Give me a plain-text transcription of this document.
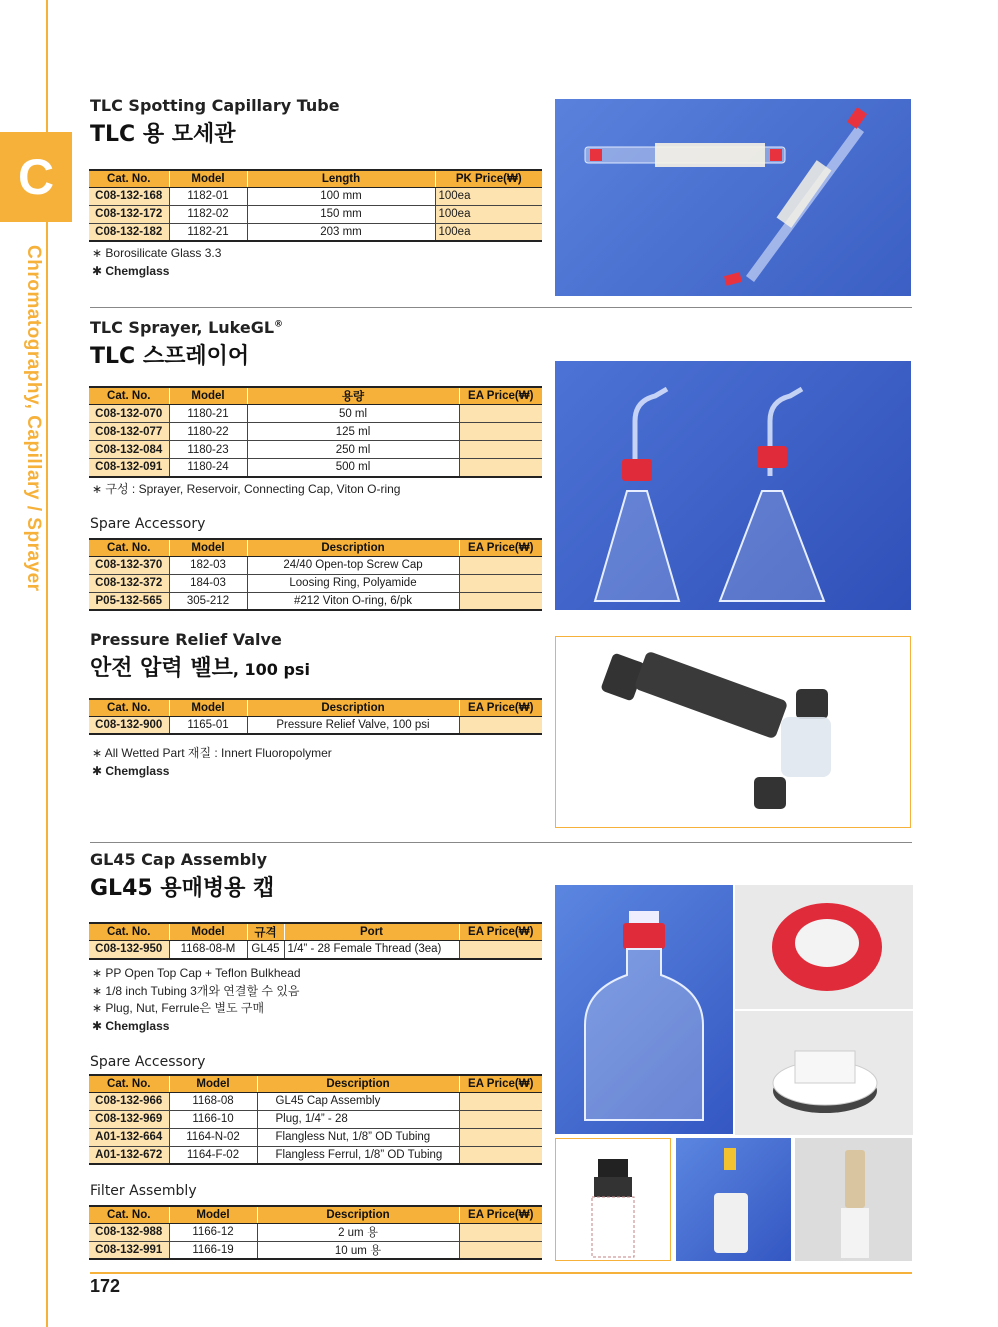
C
Chromatography, Capillary / Sprayer
TLC Spotting Capillary Tube
TLC 용 모세관
Cat. No.	Model	Length	PK Price(₩)
C08-132-168	1182-01	100 mm	100ea
C08-132-172	1182-02	150 mm	100ea
C08-132-182	1182-21	203 mm	100ea
∗ Borosilicate Glass 3.3
✱ Chemglass
TLC Sprayer, LukeGL®
TLC 스프레이어
Cat. No.	Model	용량	EA Price(₩)
C08-132-070	1180-21	50 ml	
C08-132-077	1180-22	125 ml	
C08-132-084	1180-23	250 ml	
C08-132-091	1180-24	500 ml	
∗ 구성 : Sprayer, Reservoir, Connecting Cap, Viton O-ring
Spare Accessory
Cat. No.	Model	Description	EA Price(₩)
C08-132-370	182-03	24/40 Open-top Screw Cap	
C08-132-372	184-03	Loosing Ring, Polyamide	
P05-132-565	305-212	#212 Viton O-ring, 6/pk	
Pressure Relief Valve
안전 압력 밸브, 100 psi
Cat. No.	Model	Description	EA Price(₩)
C08-132-900	1165-01	Pressure Relief Valve, 100 psi	
∗ All Wetted Part 재질 : Innert Fluoropolymer
✱ Chemglass
GL45 Cap Assembly
GL45 용매병용 캡
Cat. No.	Model	규격	Port	EA Price(₩)
C08-132-950	1168-08-M	GL45	1/4” - 28 Female Thread (3ea)	
∗ PP Open Top Cap + Teflon Bulkhead
∗ 1/8 inch Tubing 3개와 연결할 수 있음
∗ Plug, Nut, Ferrule은 별도 구매
✱ Chemglass
Spare Accessory
Cat. No.	Model	Description	EA Price(₩)
C08-132-966	1168-08	GL45 Cap Assembly	
C08-132-969	1166-10	Plug, 1/4” - 28	
A01-132-664	1164-N-02	Flangless Nut, 1/8” OD Tubing	
A01-132-672	1164-F-02	Flangless Ferrul, 1/8” OD Tubing	
Filter Assembly
Cat. No.	Model	Description	EA Price(₩)
C08-132-988	1166-12	2 um 용	
C08-132-991	1166-19	10 um 용	
172
